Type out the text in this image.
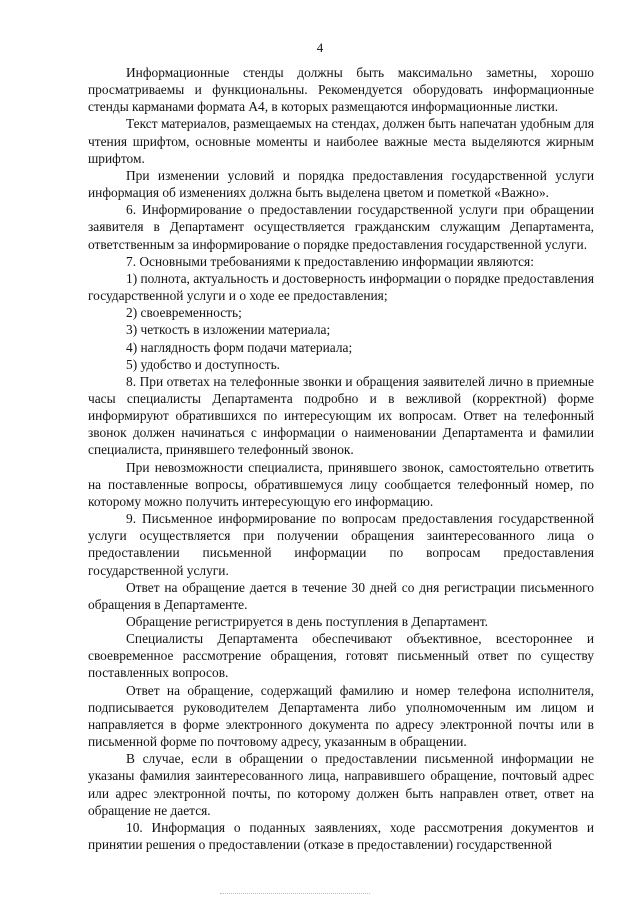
4

Информационные стенды должны быть максимально заметны, хорошо просматриваемы и функциональны. Рекомендуется оборудовать информационные стенды карманами формата А4, в которых размещаются информационные листки.

Текст материалов, размещаемых на стендах, должен быть напечатан удобным для чтения шрифтом, основные моменты и наиболее важные места выделяются жирным шрифтом.

При изменении условий и порядка предоставления государственной услуги информация об изменениях должна быть выделена цветом и пометкой «Важно».

6. Информирование о предоставлении государственной услуги при обращении заявителя в Департамент осуществляется гражданским служащим Департамента, ответственным за информирование о порядке предоставления государственной услуги.

7. Основными требованиями к предоставлению информации являются:

1) полнота, актуальность и достоверность информации о порядке предоставления государственной услуги и о ходе ее предоставления;

2) своевременность;

3) четкость в изложении материала;

4) наглядность форм подачи материала;

5) удобство и доступность.

8. При ответах на телефонные звонки и обращения заявителей лично в приемные часы специалисты Департамента подробно и в вежливой (корректной) форме информируют обратившихся по интересующим их вопросам. Ответ на телефонный звонок должен начинаться с информации о наименовании Департамента и фамилии специалиста, принявшего телефонный звонок.

При невозможности специалиста, принявшего звонок, самостоятельно ответить на поставленные вопросы, обратившемуся лицу сообщается телефонный номер, по которому можно получить интересующую его информацию.

9. Письменное информирование по вопросам предоставления государственной услуги осуществляется при получении обращения заинтересованного лица о предоставлении письменной информации по вопросам предоставления государственной услуги.

Ответ на обращение дается в течение 30 дней со дня регистрации письменного обращения в Департаменте.

Обращение регистрируется в день поступления в Департамент.

Специалисты Департамента обеспечивают объективное, всестороннее и своевременное рассмотрение обращения, готовят письменный ответ по существу поставленных вопросов.

Ответ на обращение, содержащий фамилию и номер телефона исполнителя, подписывается руководителем Департамента либо уполномоченным им лицом и направляется в форме электронного документа по адресу электронной почты или в письменной форме по почтовому адресу, указанным в обращении.

В случае, если в обращении о предоставлении письменной информации не указаны фамилия заинтересованного лица, направившего обращение, почтовый адрес или адрес электронной почты, по которому должен быть направлен ответ, ответ на обращение не дается.

10. Информация о поданных заявлениях, ходе рассмотрения документов и принятии решения о предоставлении (отказе в предоставлении) государственной
